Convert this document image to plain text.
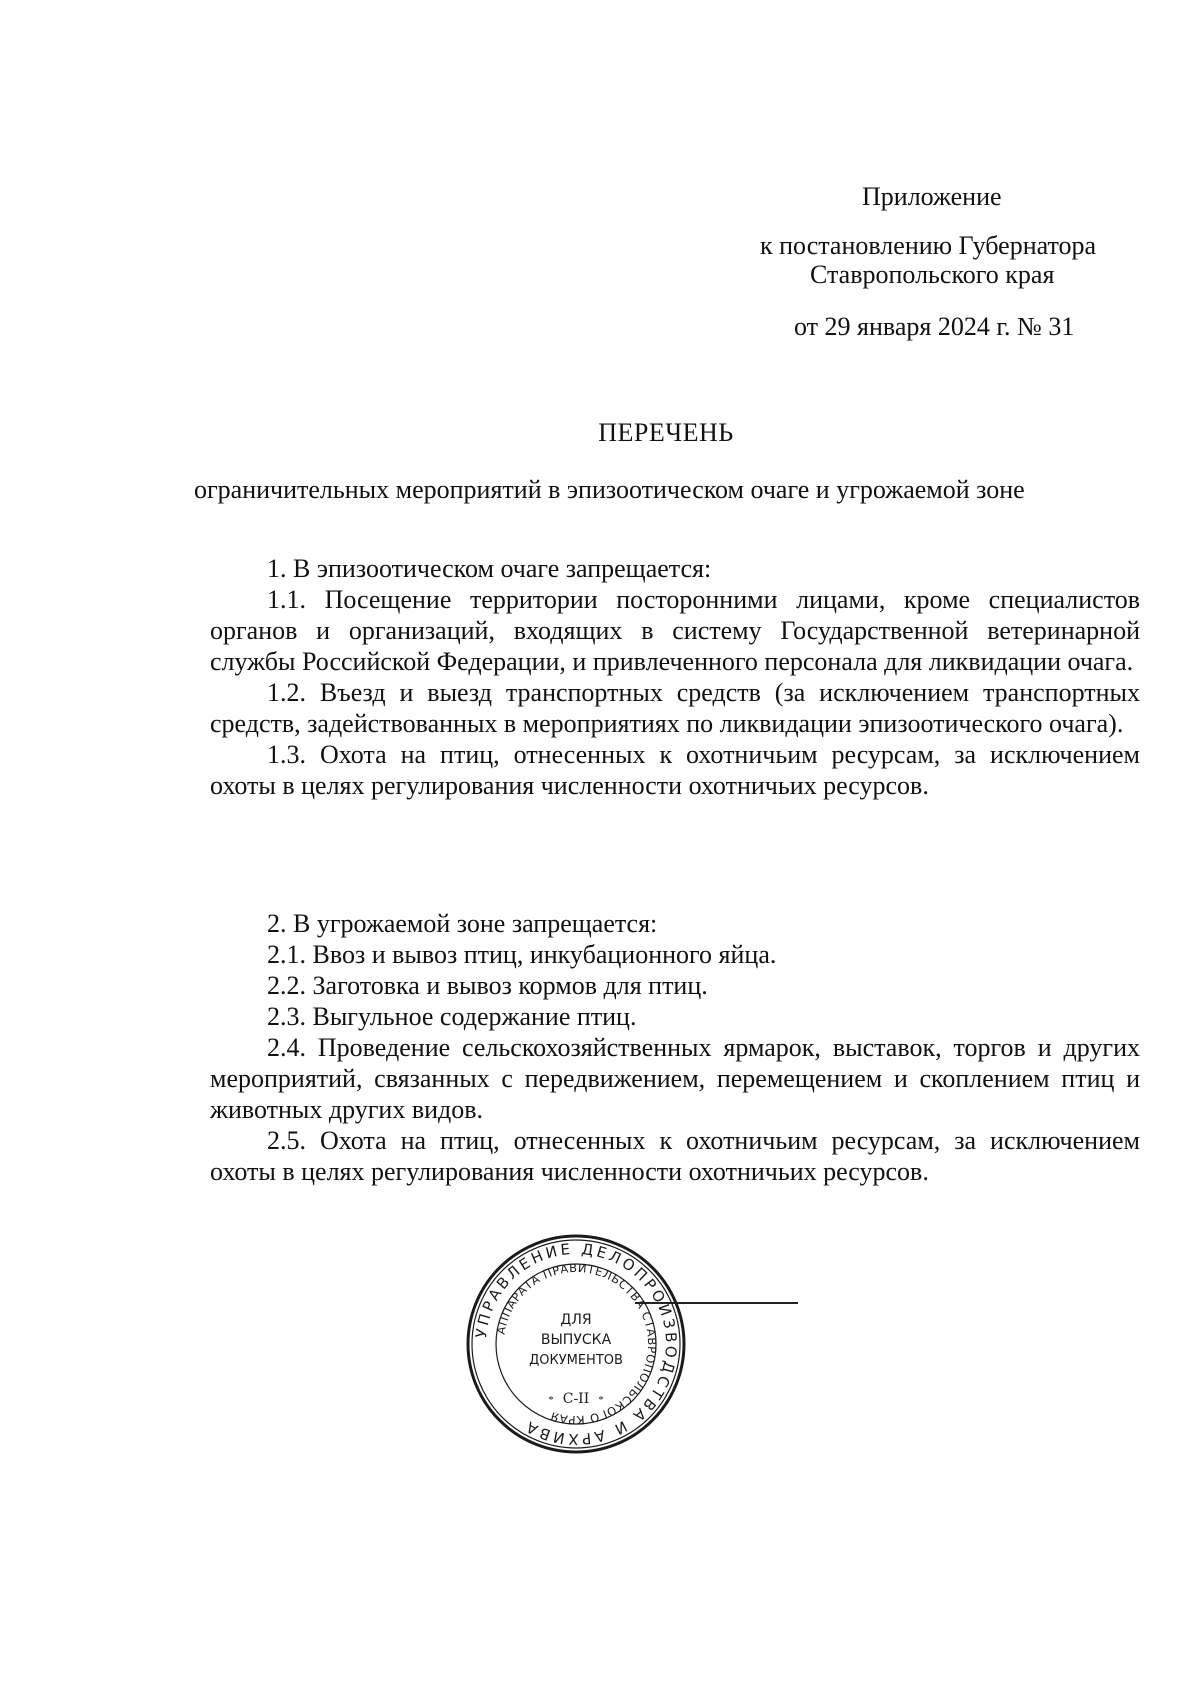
Приложение
к постановлению Губернатора
Ставропольского края
от 29 января 2024 г. № 31
ПЕРЕЧЕНЬ
ограничительных мероприятий в эпизоотическом очаге и угрожаемой зоне

1. В эпизоотическом очаге запрещается:

1.1. Посещение территории посторонними лицами, кроме специалистов органов и организаций, входящих в систему Государственной ветеринарной службы Российской Федерации, и привлеченного персонала для ликвидации очага.

1.2. Въезд и выезд транспортных средств (за исключением транспортных средств, задействованных в мероприятиях по ликвидации эпизоотического очага).

1.3. Охота на птиц, отнесенных к охотничьим ресурсам, за исключением охоты в целях регулирования численности охотничьих ресурсов.

2. В угрожаемой зоне запрещается:

2.1. Ввоз и вывоз птиц, инкубационного яйца.

2.2. Заготовка и вывоз кормов для птиц.

2.3. Выгульное содержание птиц.

2.4. Проведение сельскохозяйственных ярмарок, выставок, торгов и других мероприятий, связанных с передвижением, перемещением и скоплением птиц и животных других видов.

2.5. Охота на птиц, отнесенных к охотничьим ресурсам, за исключением охоты в целях регулирования численности охотничьих ресурсов.

УПРАВЛЕНИЕ ДЕЛОПРОИЗВОДСТВА И АРХИВА
АППАРАТА ПРАВИТЕЛЬСТВА СТАВРОПОЛЬСКОГО КРАЯ
ДЛЯ
ВЫПУСКА
ДОКУМЕНТОВ
С-II
*	*
